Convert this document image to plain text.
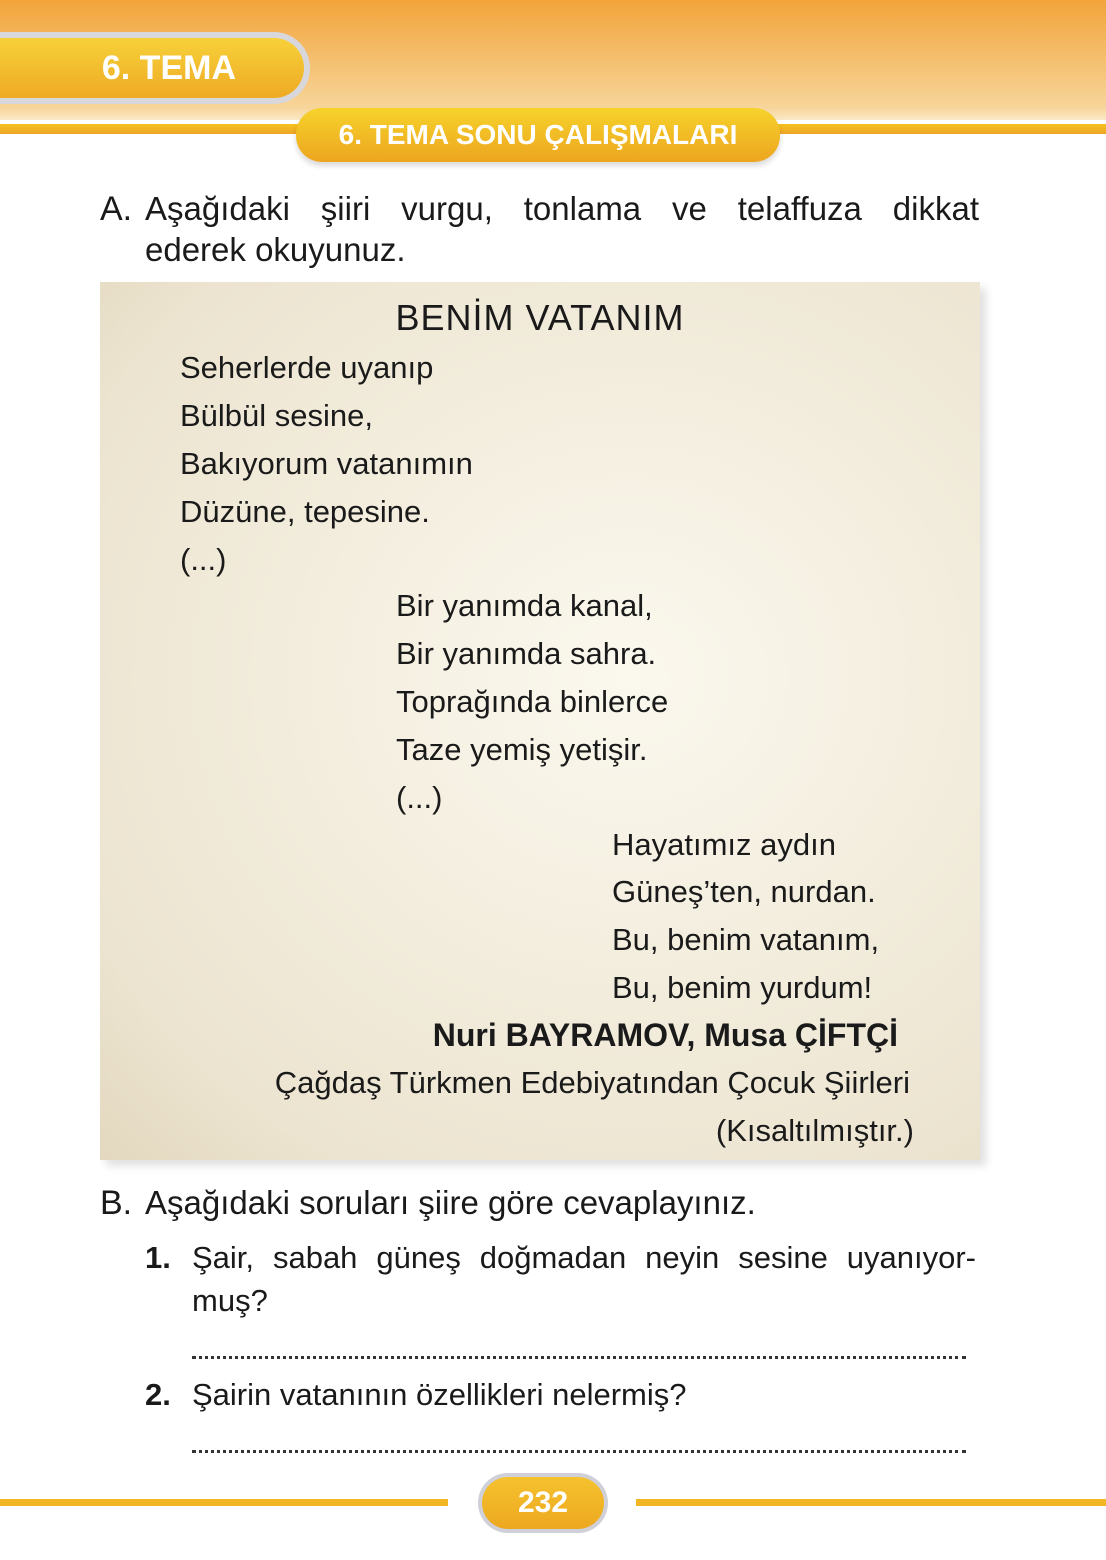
6. TEMA
6. TEMA SONU ÇALIŞMALARI
A. Aşağıdaki şiiri vurgu, tonlama ve telaffuza dikkat
ederek okuyunuz.
BENİM VATANIM
Seherlerde uyanıp
Bülbül sesine,
Bakıyorum vatanımın
Düzüne, tepesine.
(...)
Bir yanımda kanal,
Bir yanımda sahra.
Toprağında binlerce
Taze yemiş yetişir.
(...)
Hayatımız aydın
Güneş’ten, nurdan.
Bu, benim vatanım,
Bu, benim yurdum!
Nuri BAYRAMOV, Musa ÇİFTÇİ
Çağdaş Türkmen Edebiyatından Çocuk Şiirleri
(Kısaltılmıştır.)
B. Aşağıdaki soruları şiire göre cevaplayınız.
1. Şair, sabah güneş doğmadan neyin sesine uyanıyor-
muş?
2. Şairin vatanının özellikleri nelermiş?
232
